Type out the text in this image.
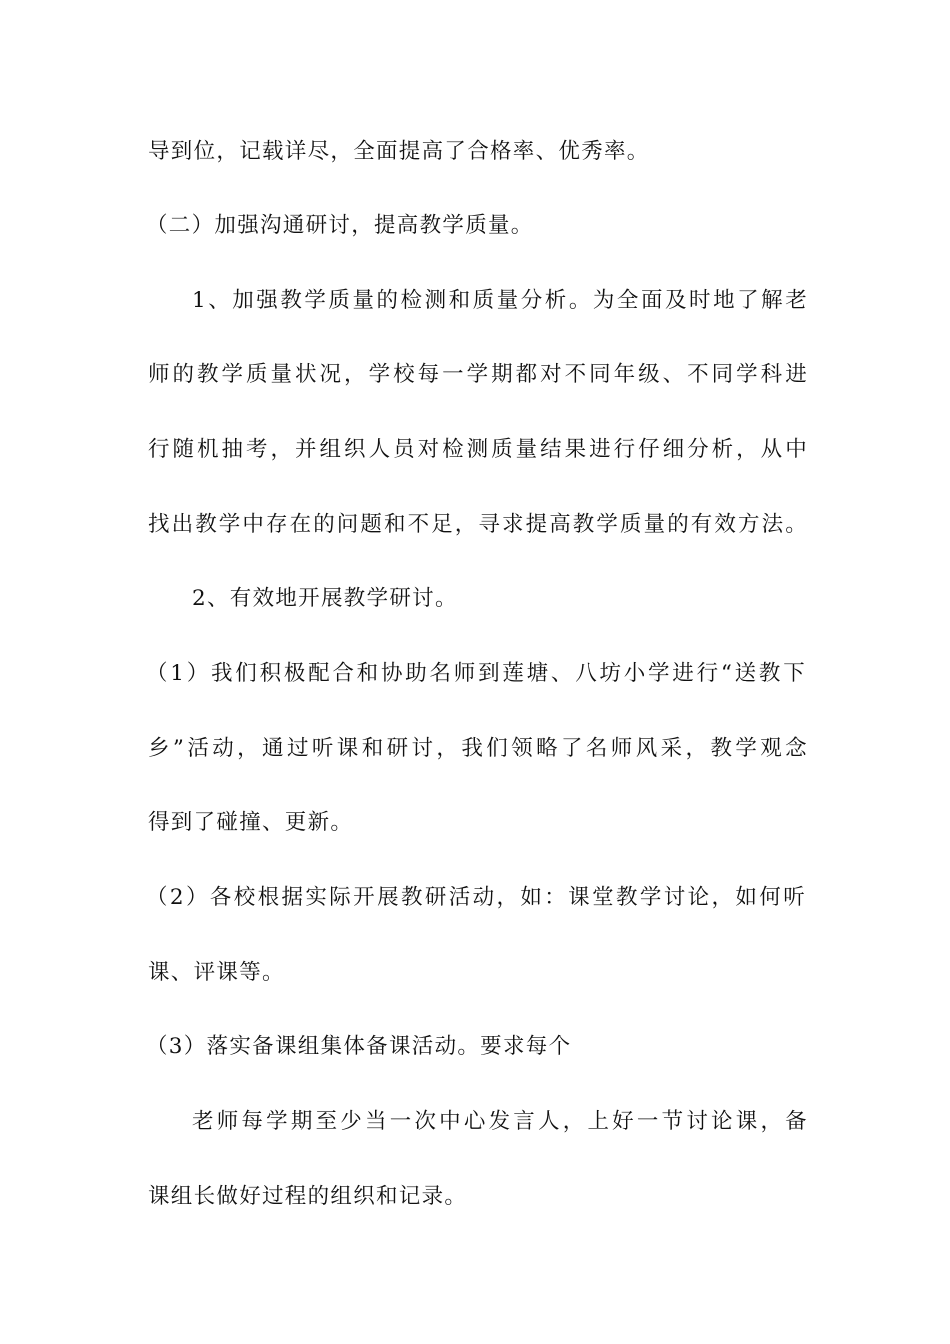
导到位，记载详尽，全面提高了合格率、优秀率。
（二）加强沟通研讨，提高教学质量。
1、加强教学质量的检测和质量分析。为全面及时地了解老
师的教学质量状况，学校每一学期都对不同年级、不同学科进
行随机抽考，并组织人员对检测质量结果进行仔细分析，从中
找出教学中存在的问题和不足，寻求提高教学质量的有效方法。
2、有效地开展教学研讨。
（1）我们积极配合和协助名师到莲塘、八坊小学进行“送教下
乡”活动，通过听课和研讨，我们领略了名师风采，教学观念
得到了碰撞、更新。
（2）各校根据实际开展教研活动，如：课堂教学讨论，如何听
课、评课等。
（3）落实备课组集体备课活动。要求每个
老师每学期至少当一次中心发言人，上好一节讨论课，备
课组长做好过程的组织和记录。
